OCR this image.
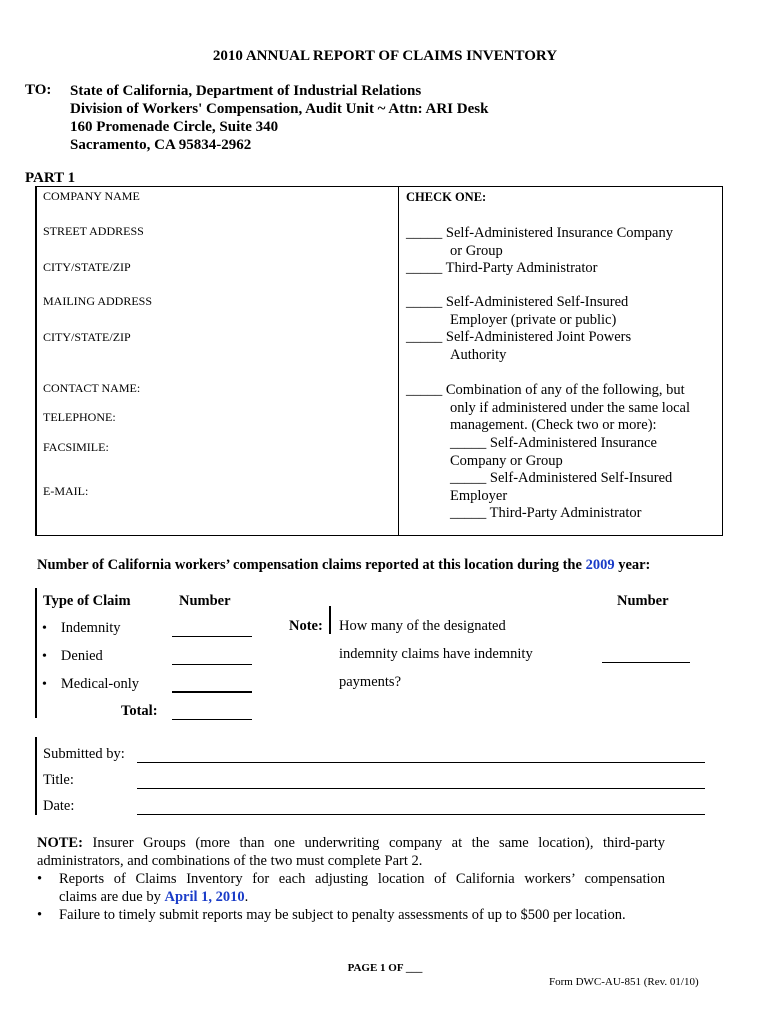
2010 ANNUAL REPORT OF CLAIMS INVENTORY
TO: State of California, Department of Industrial Relations
Division of Workers' Compensation, Audit Unit ~ Attn: ARI Desk
160 Promenade Circle, Suite 340
Sacramento, CA 95834-2962
PART 1
COMPANY NAME
STREET ADDRESS
CITY/STATE/ZIP
MAILING ADDRESS
CITY/STATE/ZIP
CONTACT NAME:
TELEPHONE:
FACSIMILE:
E-MAIL:
CHECK ONE:
_____ Self-Administered Insurance Company
or Group
_____ Third-Party Administrator
_____ Self-Administered Self-Insured
Employer (private or public)
_____ Self-Administered Joint Powers
Authority
_____ Combination of any of the following, but
only if administered under the same local
management. (Check two or more):
_____ Self-Administered Insurance
Company or Group
_____ Self-Administered Self-Insured
Employer
_____ Third-Party Administrator
Number of California workers’ compensation claims reported at this location during the 2009 year:
Type of Claim	Number	Number
• Indemnity
• Denied
• Medical-only
Total:
Note: How many of the designated
indemnity claims have indemnity
payments?
Submitted by:
Title:
Date:
NOTE: Insurer Groups (more than one underwriting company at the same location), third-party
administrators, and combinations of the two must complete Part 2.
• Reports of Claims Inventory for each adjusting location of California workers’ compensation
claims are due by April 1, 2010.
• Failure to timely submit reports may be subject to penalty assessments of up to $500 per location.
PAGE 1 OF ___
Form DWC-AU-851 (Rev. 01/10)
